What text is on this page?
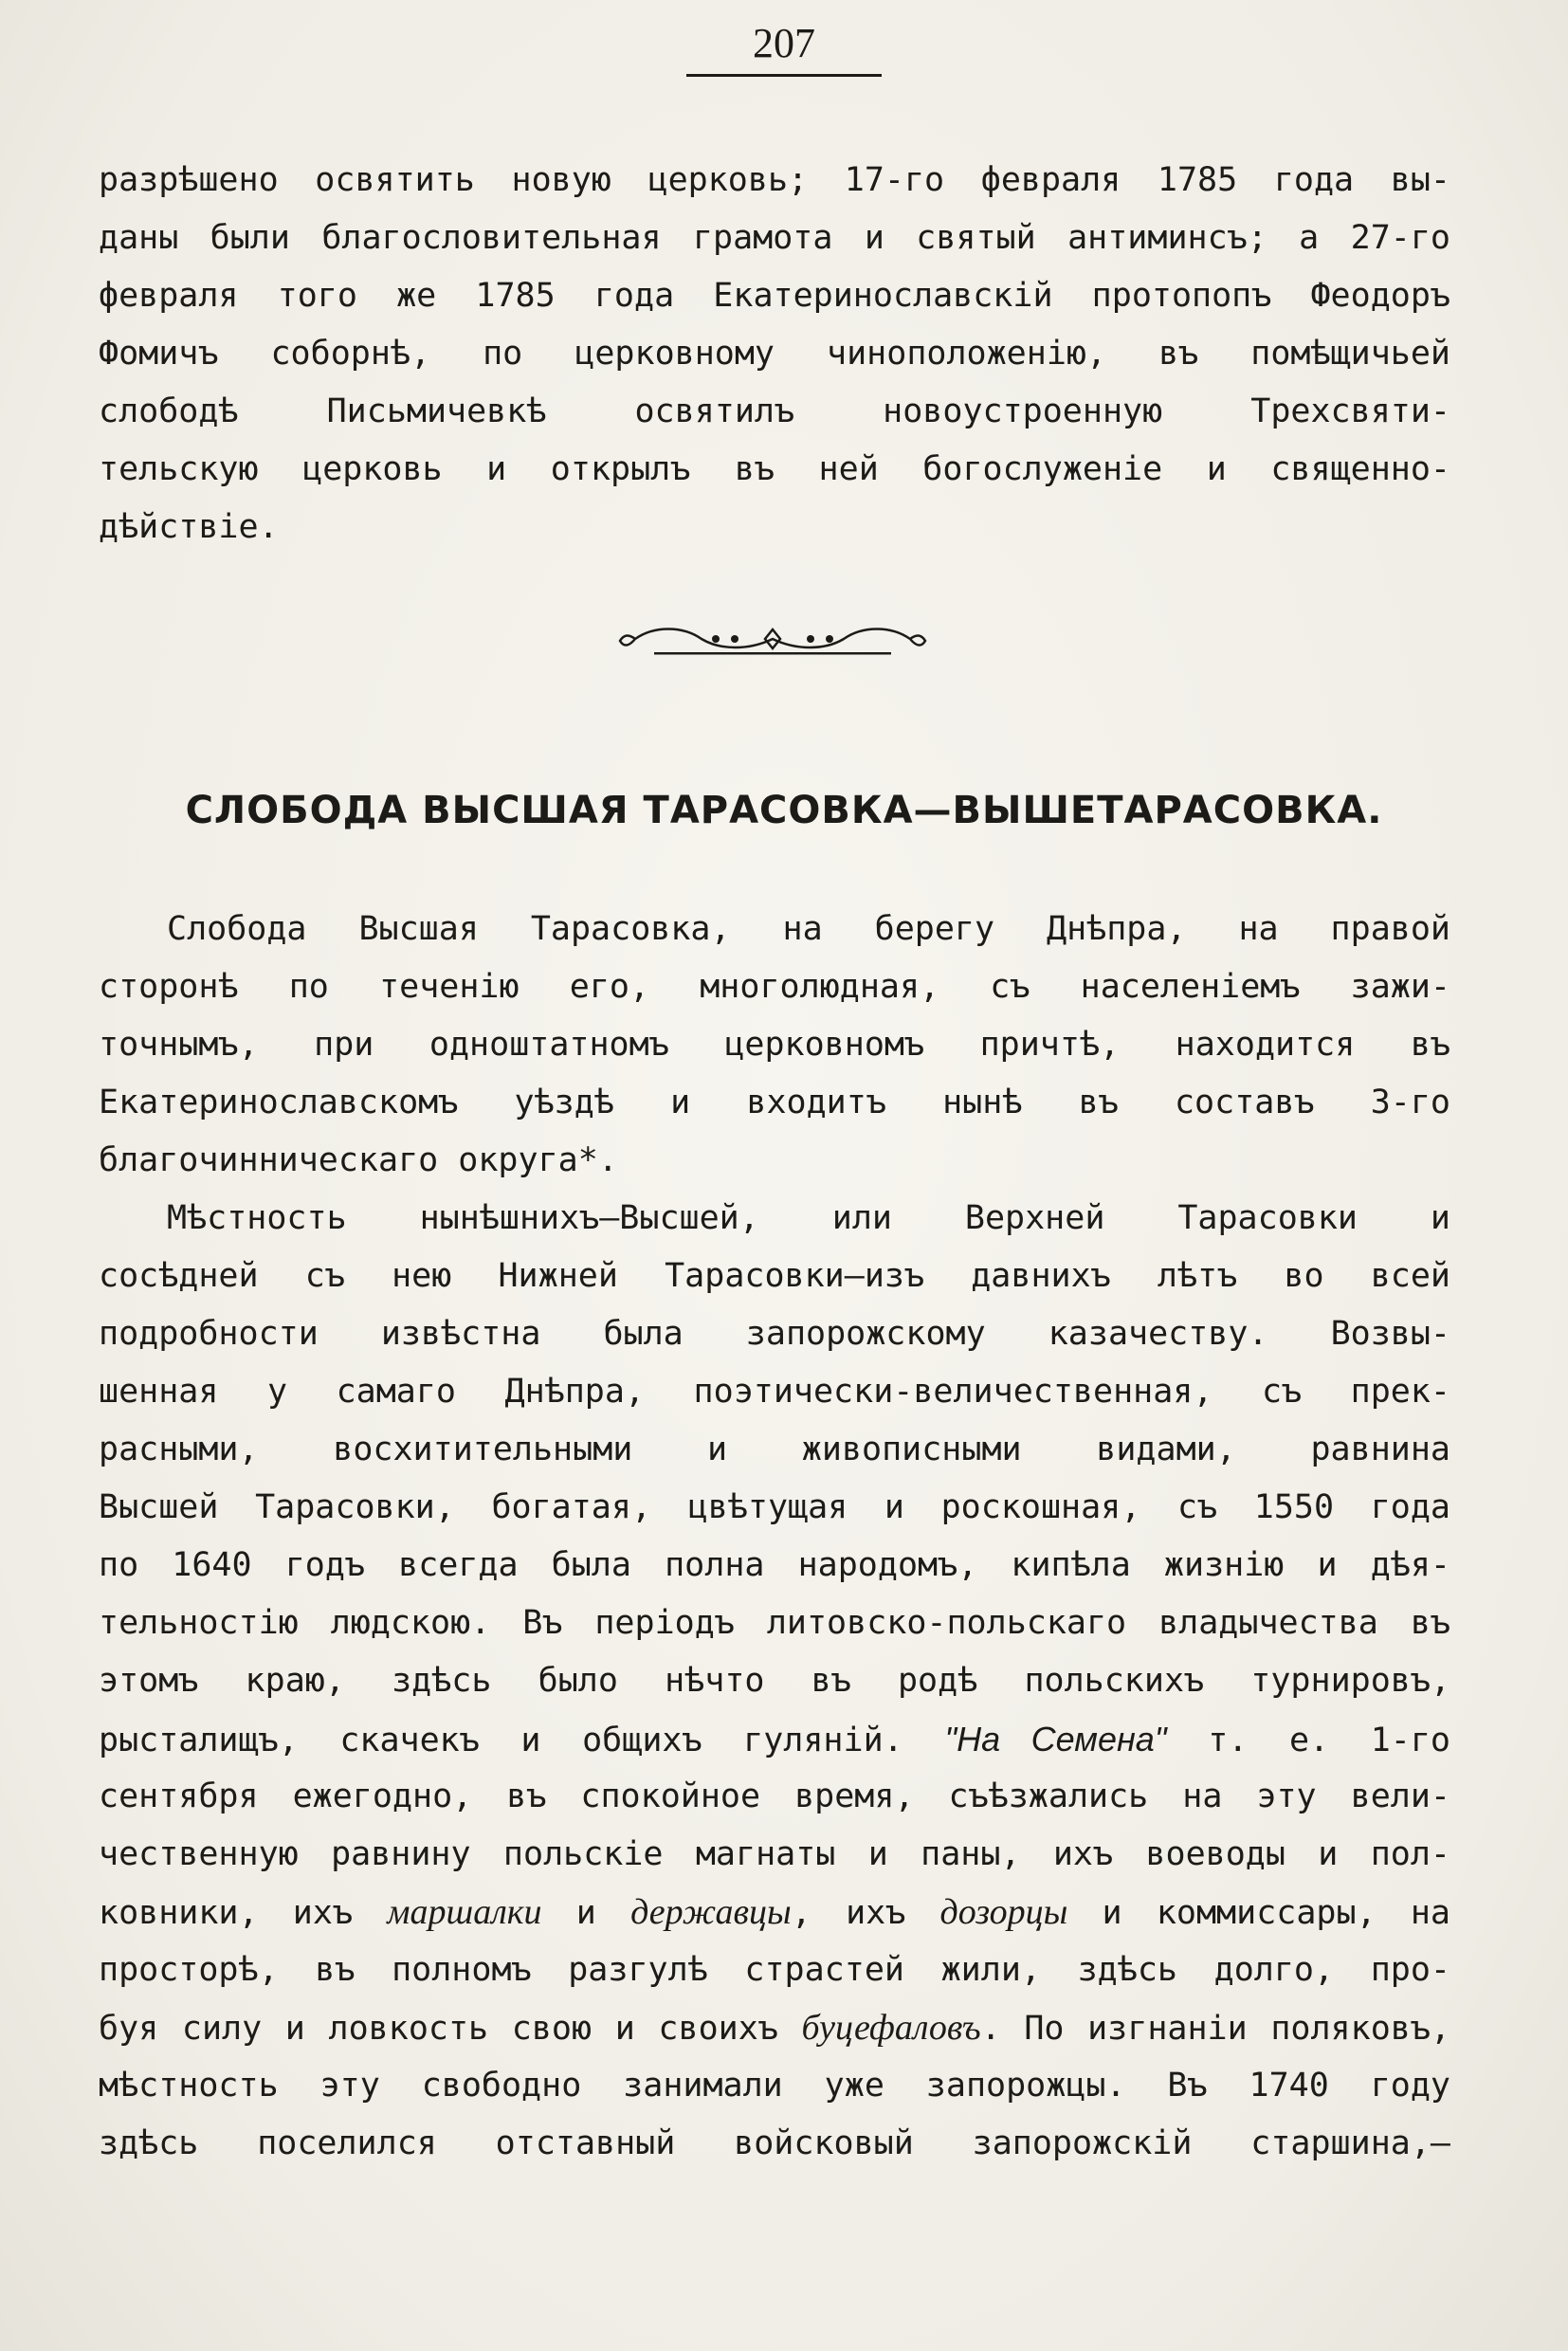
207
разрѣшено освятить новую церковь; 17-го февраля 1785 года вы-
даны были благословительная грамота и святый антиминсъ; а 27-го
февраля того же 1785 года Екатеринославскій протопопъ Феодоръ
Фомичъ соборнѣ, по церковному чиноположенію, въ помѣщичьей
слободѣ Письмичевкѣ освятилъ новоустроенную Трехсвяти-
тельскую церковь и открылъ въ ней богослуженіе и священно-
дѣйствіе.
СЛОБОДА ВЫСШАЯ ТАРАСОВКА—ВЫШЕТАРАСОВКА.
Слобода Высшая Тарасовка, на берегу Днѣпра, на правой
сторонѣ по теченію его, многолюдная, съ населеніемъ зажи-
точнымъ, при одноштатномъ церковномъ причтѣ, находится въ
Екатеринославскомъ уѣздѣ и входитъ нынѣ въ составъ 3-го
благочинническаго округа*.
Мѣстность нынѣшнихъ—Высшей, или Верхней Тарасовки и
сосѣдней съ нею Нижней Тарасовки—изъ давнихъ лѣтъ во всей
подробности извѣстна была запорожскому казачеству. Возвы-
шенная у самаго Днѣпра, поэтически-величественная, съ прек-
расными, восхитительными и живописными видами, равнина
Высшей Тарасовки, богатая, цвѣтущая и роскошная, съ 1550 года
по 1640 годъ всегда была полна народомъ, кипѣла жизнію и дѣя-
тельностію людскою. Въ періодъ литовско-польскаго владычества въ
этомъ краю, здѣсь было нѣчто въ родѣ польскихъ турнировъ,
рысталищъ, скачекъ и общихъ гуляній. "На Семена" т. е. 1-го
сентября ежегодно, въ спокойное время, съѣзжались на эту вели-
чественную равнину польскіе магнаты и паны, ихъ воеводы и пол-
ковники, ихъ маршалки и державцы, ихъ дозорцы и коммиссары, на
просторѣ, въ полномъ разгулѣ страстей жили, здѣсь долго, про-
буя силу и ловкость свою и своихъ буцефаловъ. По изгнаніи поляковъ,
мѣстность эту свободно занимали уже запорожцы. Въ 1740 году
здѣсь поселился отставный войсковый запорожскій старшина,—
